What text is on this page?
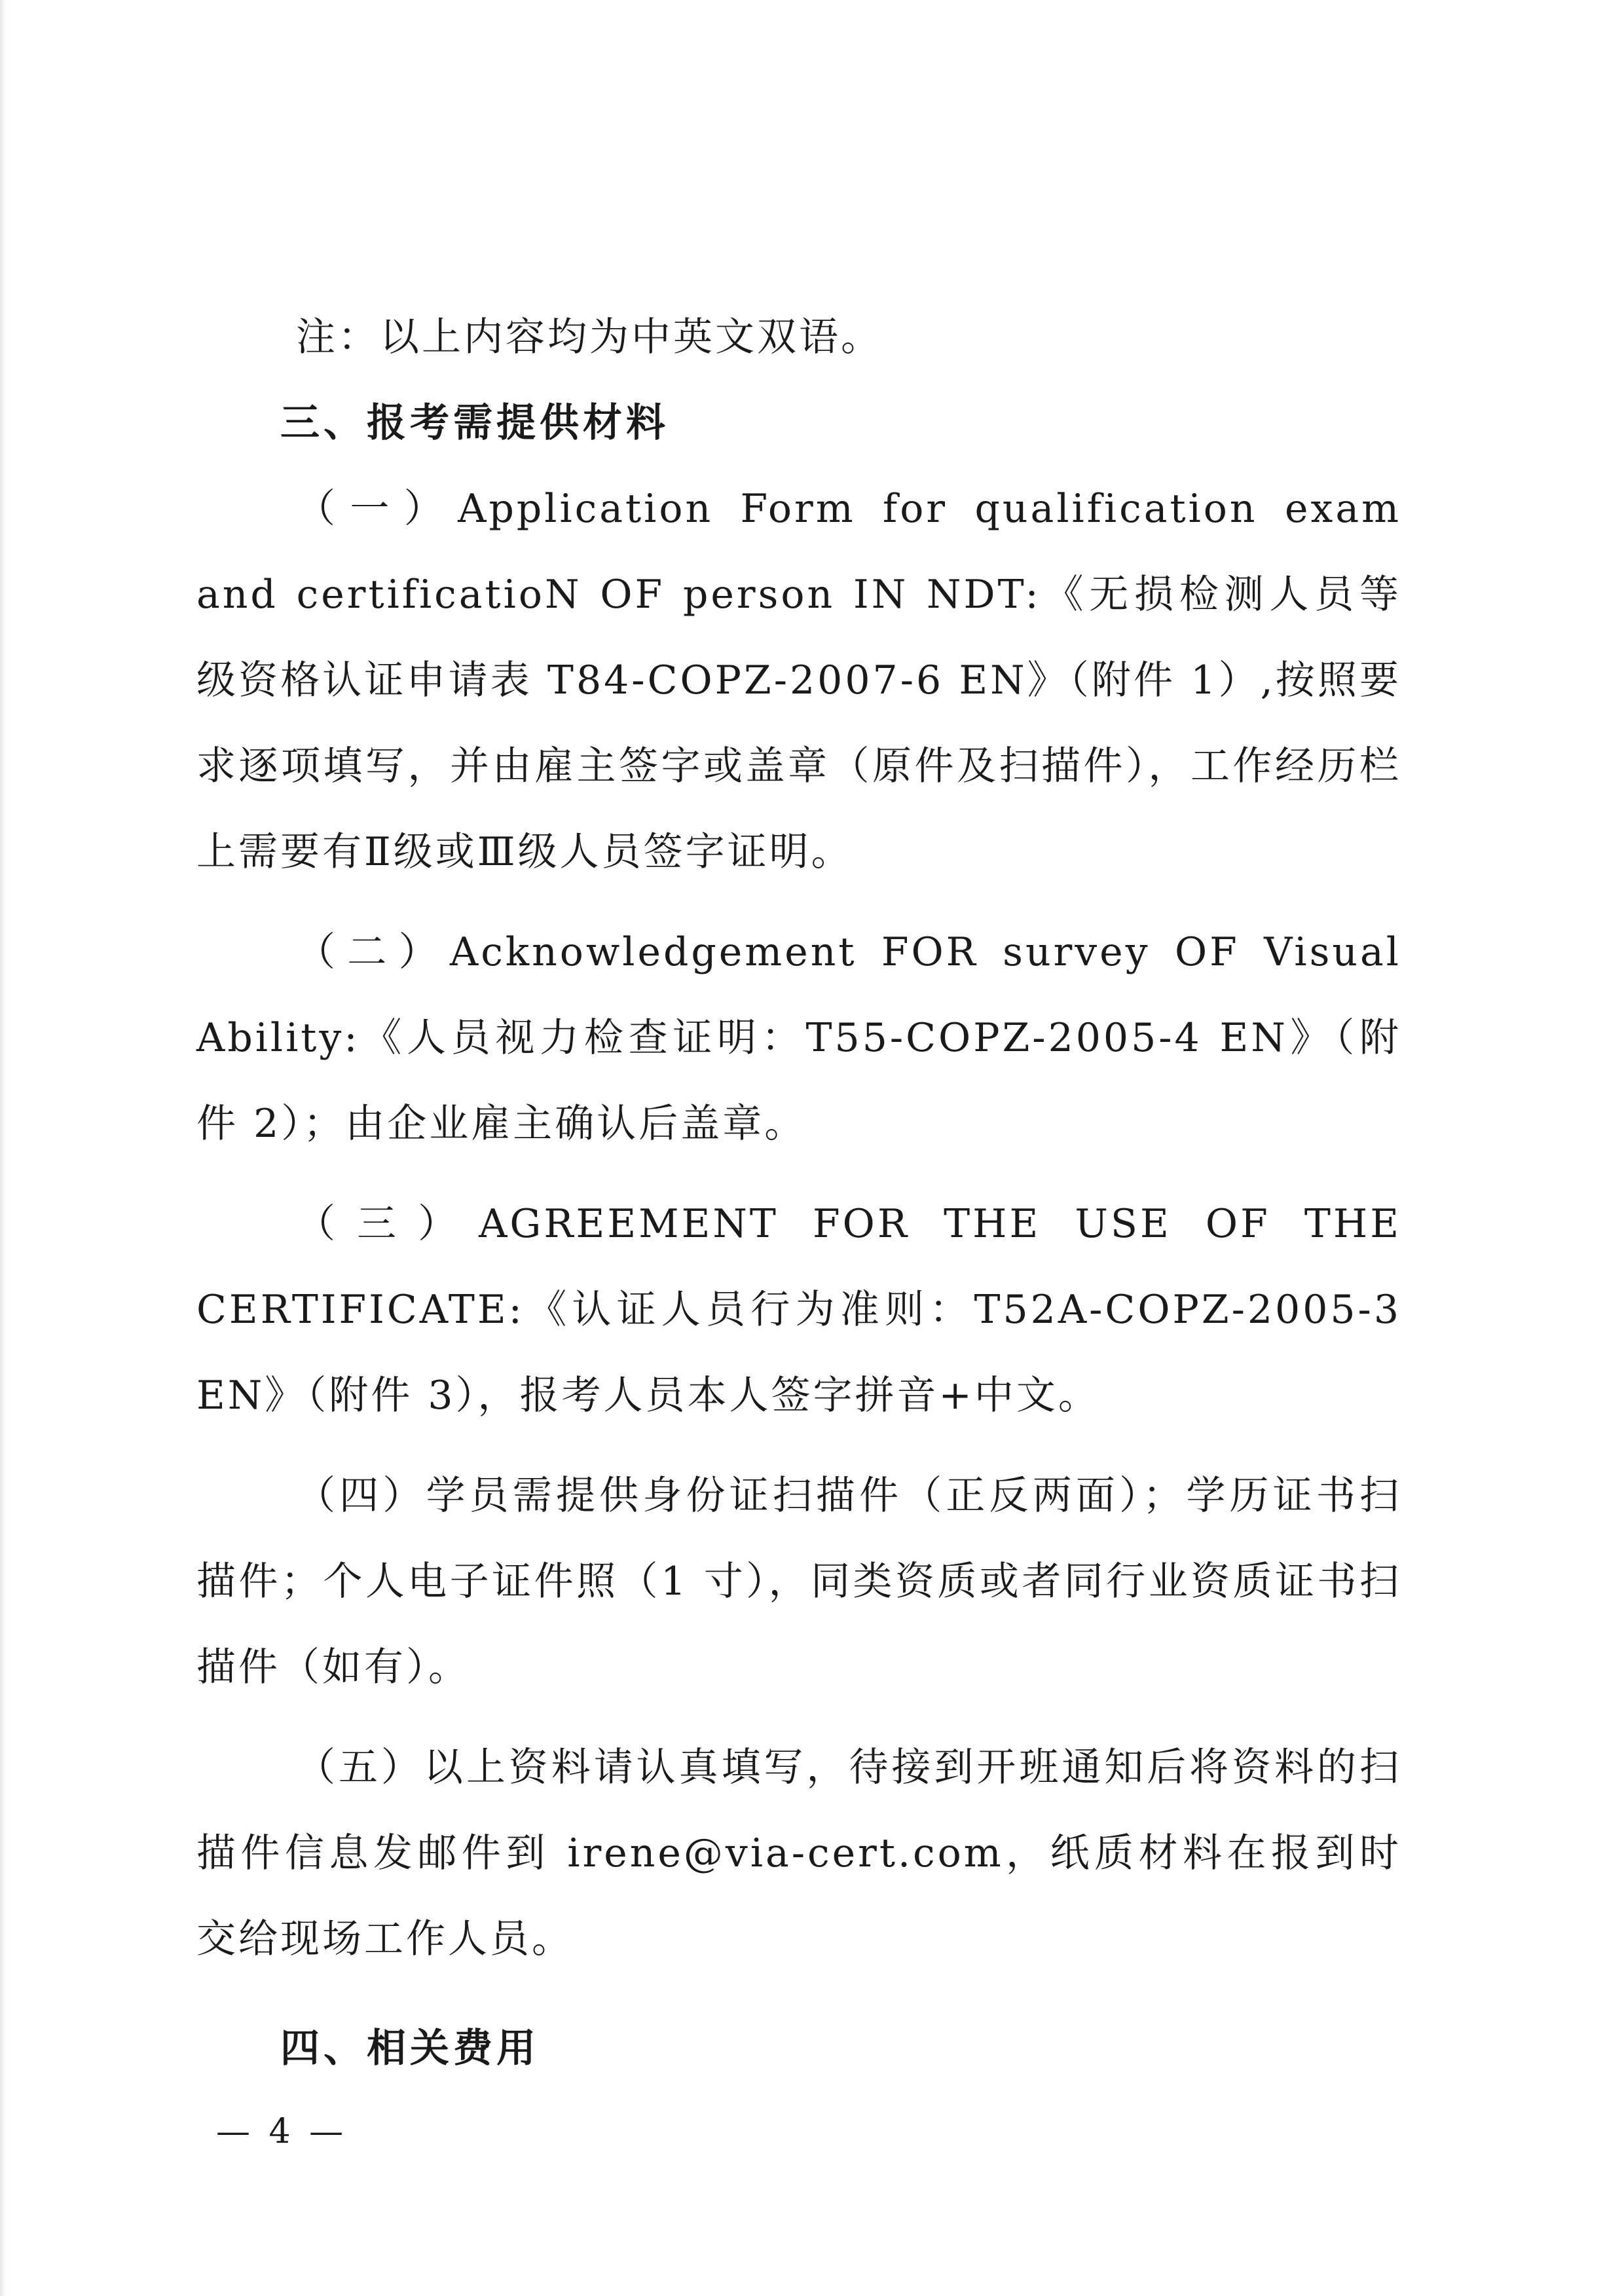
注：以上内容均为中英文双语。

三、报考需提供材料

（一）Application Form for qualification exam and certificatioN OF person IN NDT:《无损检测人员等级资格认证申请表 T84-COPZ-2007-6 EN》（附件 1）,按照要求逐项填写，并由雇主签字或盖章（原件及扫描件），工作经历栏上需要有Ⅱ级或Ⅲ级人员签字证明。

（二）Acknowledgement FOR survey OF Visual Ability:《人员视力检查证明：T55-COPZ-2005-4 EN》（附件 2）；由企业雇主确认后盖章。

（三）AGREEMENT FOR THE USE OF THE CERTIFICATE:《认证人员行为准则：T52A-COPZ-2005-3 EN》（附件 3），报考人员本人签字拼音+中文。

（四）学员需提供身份证扫描件（正反两面）；学历证书扫描件；个人电子证件照（1 寸），同类资质或者同行业资质证书扫描件（如有）。

（五）以上资料请认真填写，待接到开班通知后将资料的扫描件信息发邮件到 irene@via-cert.com，纸质材料在报到时交给现场工作人员。

四、相关费用

— 4 —
